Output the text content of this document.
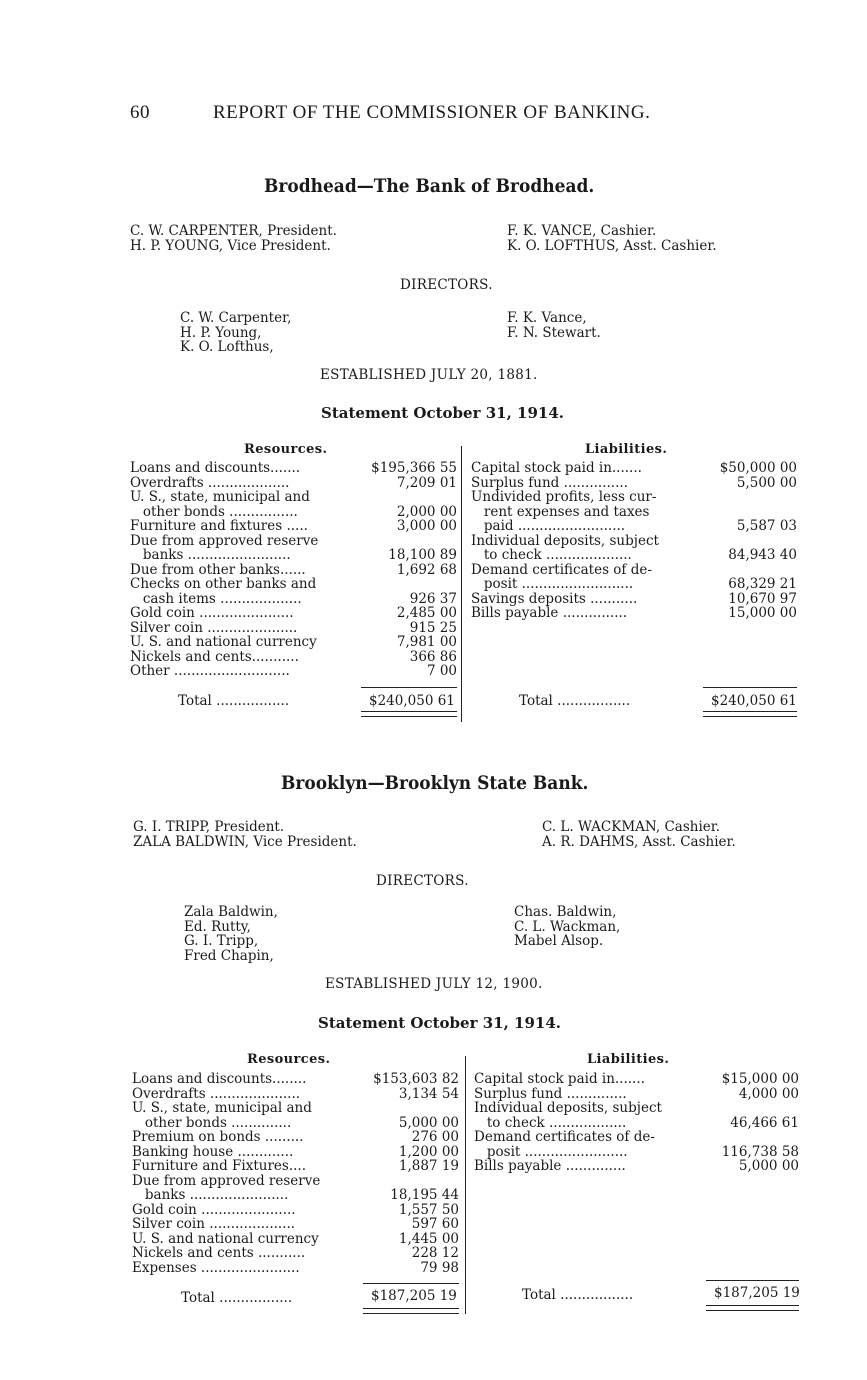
60	REPORT OF THE COMMISSIONER OF BANKING.
Brodhead—The Bank of Brodhead.
C. W. CARPENTER, President.
H. P. YOUNG, Vice President.
F. K. VANCE, Cashier.
K. O. LOFTHUS, Asst. Cashier.
DIRECTORS.
C. W. Carpenter,
H. P. Young,
K. O. Lofthus,
F. K. Vance,
F. N. Stewart.
ESTABLISHED JULY 20, 1881.
Statement October 31, 1914.
Resources.	Liabilities.
Loans and discounts.......	$195,366 55
Overdrafts ...................	7,209 01
U. S., state, municipal and
other bonds ................	2,000 00
Furniture and fixtures .....	3,000 00
Due from approved reserve
banks ........................	18,100 89
Due from other banks......	1,692 68
Checks on other banks and
cash items ...................	926 37
Gold coin ......................	2,485 00
Silver coin .....................	915 25
U. S. and national currency	7,981 00
Nickels and cents...........	366 86
Other ...........................	7 00
Capital stock paid in.......	$50,000 00
Surplus fund ...............	5,500 00
Undivided profits, less cur-
rent expenses and taxes
paid .........................	5,587 03
Individual deposits, subject
to check ....................	84,943 40
Demand certificates of de-
posit ..........................	68,329 21
Savings deposits ...........	10,670 97
Bills payable ...............	15,000 00
Total .................	$240,050 61	Total .................	$240,050 61
Brooklyn—Brooklyn State Bank.
G. I. TRIPP, President.
ZALA BALDWIN, Vice President.
C. L. WACKMAN, Cashier.
A. R. DAHMS, Asst. Cashier.
DIRECTORS.
Zala Baldwin,
Ed. Rutty,
G. I. Tripp,
Fred Chapin,
Chas. Baldwin,
C. L. Wackman,
Mabel Alsop.
ESTABLISHED JULY 12, 1900.
Statement October 31, 1914.
Resources.	Liabilities.
Loans and discounts........	$153,603 82
Overdrafts .....................	3,134 54
U. S., state, municipal and
other bonds ..............	5,000 00
Premium on bonds .........	276 00
Banking house .............	1,200 00
Furniture and Fixtures....	1,887 19
Due from approved reserve
banks .......................	18,195 44
Gold coin ......................	1,557 50
Silver coin ....................	597 60
U. S. and national currency	1,445 00
Nickels and cents ...........	228 12
Expenses .......................	79 98
Capital stock paid in.......	$15,000 00
Surplus fund ..............	4,000 00
Individual deposits, subject
to check ..................	46,466 61
Demand certificates of de-
posit ........................	116,738 58
Bills payable ..............	5,000 00
Total .................	$187,205 19	Total .................	$187,205 19
